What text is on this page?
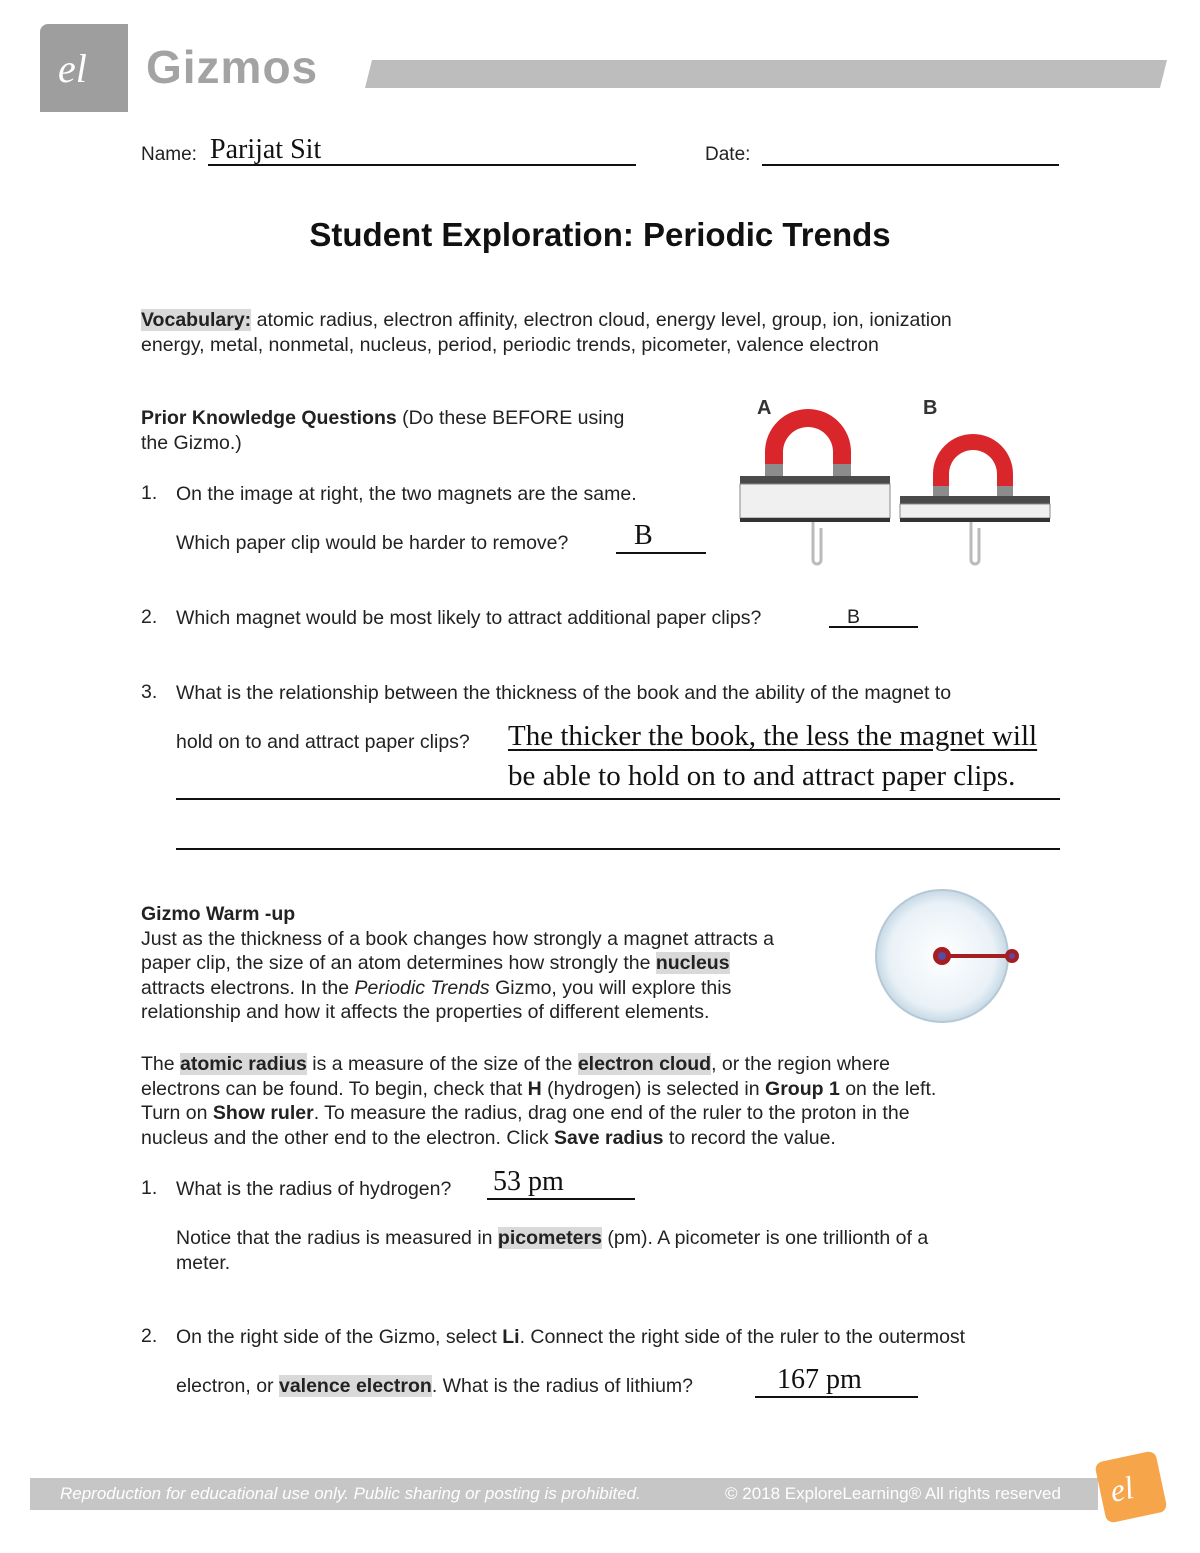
el Gizmos
Name: Parijat Sit	Date:
Student Exploration: Periodic Trends
Vocabulary: atomic radius, electron affinity, electron cloud, energy level, group, ion, ionization
energy, metal, nonmetal, nucleus, period, periodic trends, picometer, valence electron
Prior Knowledge Questions (Do these BEFORE using
the Gizmo.)
A	B
1. On the image at right, the two magnets are the same.
Which paper clip would be harder to remove? B
2. Which magnet would be most likely to attract additional paper clips?	B
3. What is the relationship between the thickness of the book and the ability of the magnet to
hold on to and attract paper clips? The thicker the book, the less the magnet will
be able to hold on to and attract paper clips.
Gizmo Warm -up
Just as the thickness of a book changes how strongly a magnet attracts a
paper clip, the size of an atom determines how strongly the nucleus
attracts electrons. In the Periodic Trends Gizmo, you will explore this
relationship and how it affects the properties of different elements.
The atomic radius is a measure of the size of the electron cloud, or the region where
electrons can be found. To begin, check that H (hydrogen) is selected in Group 1 on the left.
Turn on Show ruler. To measure the radius, drag one end of the ruler to the proton in the
nucleus and the other end to the electron. Click Save radius to record the value.
1. What is the radius of hydrogen? 53 pm
Notice that the radius is measured in picometers (pm). A picometer is one trillionth of a
meter.
2. On the right side of the Gizmo, select Li. Connect the right side of the ruler to the outermost
electron, or valence electron. What is the radius of lithium?	167 pm
Reproduction for educational use only. Public sharing or posting is prohibited.	© 2018 ExploreLearning® All rights reserved el
